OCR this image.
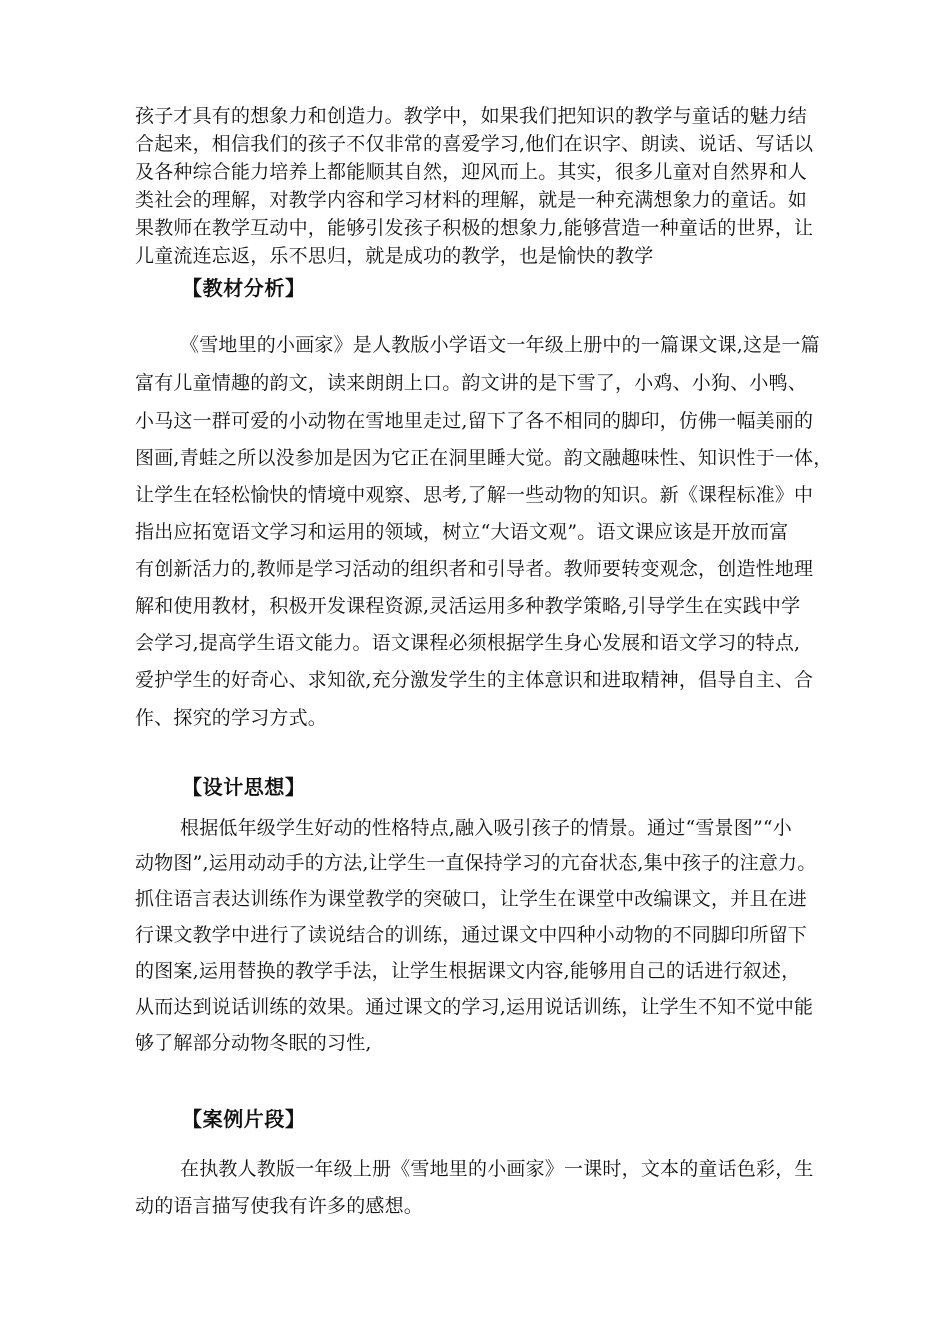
孩子才具有的想象力和创造力。教学中，如果我们把知识的教学与童话的魅力结
合起来，相信我们的孩子不仅非常的喜爱学习,他们在识字、朗读、说话、写话以
及各种综合能力培养上都能顺其自然，迎风而上。其实，很多儿童对自然界和人
类社会的理解，对教学内容和学习材料的理解，就是一种充满想象力的童话。如
果教师在教学互动中，能够引发孩子积极的想象力,能够营造一种童话的世界，让
儿童流连忘返，乐不思归，就是成功的教学，也是愉快的教学
【教材分析】
《雪地里的小画家》是人教版小学语文一年级上册中的一篇课文课,这是一篇
富有儿童情趣的韵文，读来朗朗上口。韵文讲的是下雪了，小鸡、小狗、小鸭、
小马这一群可爱的小动物在雪地里走过,留下了各不相同的脚印，仿佛一幅美丽的
图画,青蛙之所以没参加是因为它正在洞里睡大觉。韵文融趣味性、知识性于一体，
让学生在轻松愉快的情境中观察、思考,了解一些动物的知识。新《课程标准》中
指出应拓宽语文学习和运用的领域，树立“大语文观”。语文课应该是开放而富
有创新活力的,教师是学习活动的组织者和引导者。教师要转变观念，创造性地理
解和使用教材，积极开发课程资源,灵活运用多种教学策略,引导学生在实践中学
会学习,提高学生语文能力。语文课程必须根据学生身心发展和语文学习的特点,
爱护学生的好奇心、求知欲,充分激发学生的主体意识和进取精神，倡导自主、合
作、探究的学习方式。
【设计思想】
根据低年级学生好动的性格特点,融入吸引孩子的情景。通过“雪景图”“小
动物图”,运用动动手的方法,让学生一直保持学习的亢奋状态,集中孩子的注意力。
抓住语言表达训练作为课堂教学的突破口，让学生在课堂中改编课文，并且在进
行课文教学中进行了读说结合的训练，通过课文中四种小动物的不同脚印所留下
的图案,运用替换的教学手法，让学生根据课文内容,能够用自己的话进行叙述，
从而达到说话训练的效果。通过课文的学习,运用说话训练，让学生不知不觉中能
够了解部分动物冬眠的习性,
【案例片段】
在执教人教版一年级上册《雪地里的小画家》一课时，文本的童话色彩，生
动的语言描写使我有许多的感想。
